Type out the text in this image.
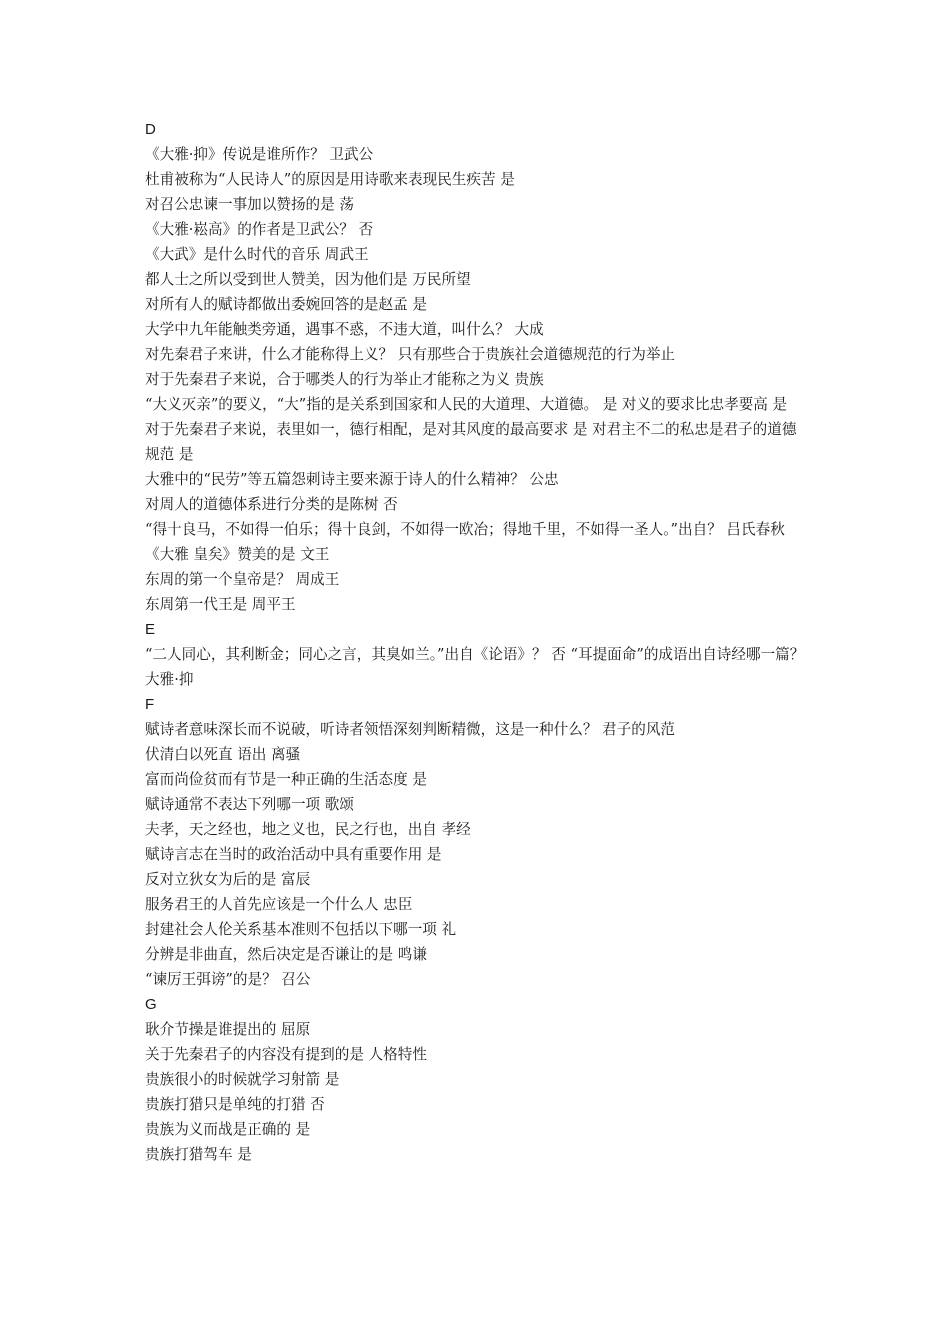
D
《大雅·抑》传说是谁所作？ 卫武公
杜甫被称为“人民诗人”的原因是用诗歌来表现民生疾苦 是
对召公忠谏一事加以赞扬的是 荡
《大雅·崧高》的作者是卫武公？ 否
《大武》是什么时代的音乐 周武王
都人士之所以受到世人赞美，因为他们是 万民所望
对所有人的赋诗都做出委婉回答的是赵孟 是
大学中九年能触类旁通，遇事不惑，不违大道，叫什么？ 大成
对先秦君子来讲，什么才能称得上义？ 只有那些合于贵族社会道德规范的行为举止
对于先秦君子来说，合于哪类人的行为举止才能称之为义 贵族
“大义灭亲”的要义，“大”指的是关系到国家和人民的大道理、大道德。 是 对义的要求比忠孝要高 是
对于先秦君子来说，表里如一，德行相配，是对其风度的最高要求 是 对君主不二的私忠是君子的道德规范 是
大雅中的“民劳”等五篇怨刺诗主要来源于诗人的什么精神？ 公忠
对周人的道德体系进行分类的是陈树 否
“得十良马，不如得一伯乐；得十良剑，不如得一欧冶；得地千里，不如得一圣人。”出自？ 吕氏春秋
《大雅 皇矣》赞美的是 文王
东周的第一个皇帝是？ 周成王
东周第一代王是 周平王
E
“二人同心，其利断金；同心之言，其臭如兰。”出自《论语》？ 否 “耳提面命”的成语出自诗经哪一篇？ 大雅·抑
F
赋诗者意味深长而不说破，听诗者领悟深刻判断精微，这是一种什么？ 君子的风范
伏清白以死直 语出 离骚
富而尚俭贫而有节是一种正确的生活态度 是
赋诗通常不表达下列哪一项 歌颂
夫孝，天之经也，地之义也，民之行也，出自 孝经
赋诗言志在当时的政治活动中具有重要作用 是
反对立狄女为后的是 富辰
服务君王的人首先应该是一个什么人 忠臣
封建社会人伦关系基本准则不包括以下哪一项 礼
分辨是非曲直，然后决定是否谦让的是 鸣谦
“谏厉王弭谤”的是？ 召公
G
耿介节操是谁提出的 屈原
关于先秦君子的内容没有提到的是 人格特性
贵族很小的时候就学习射箭 是
贵族打猎只是单纯的打猎 否
贵族为义而战是正确的 是
贵族打猎驾车 是
